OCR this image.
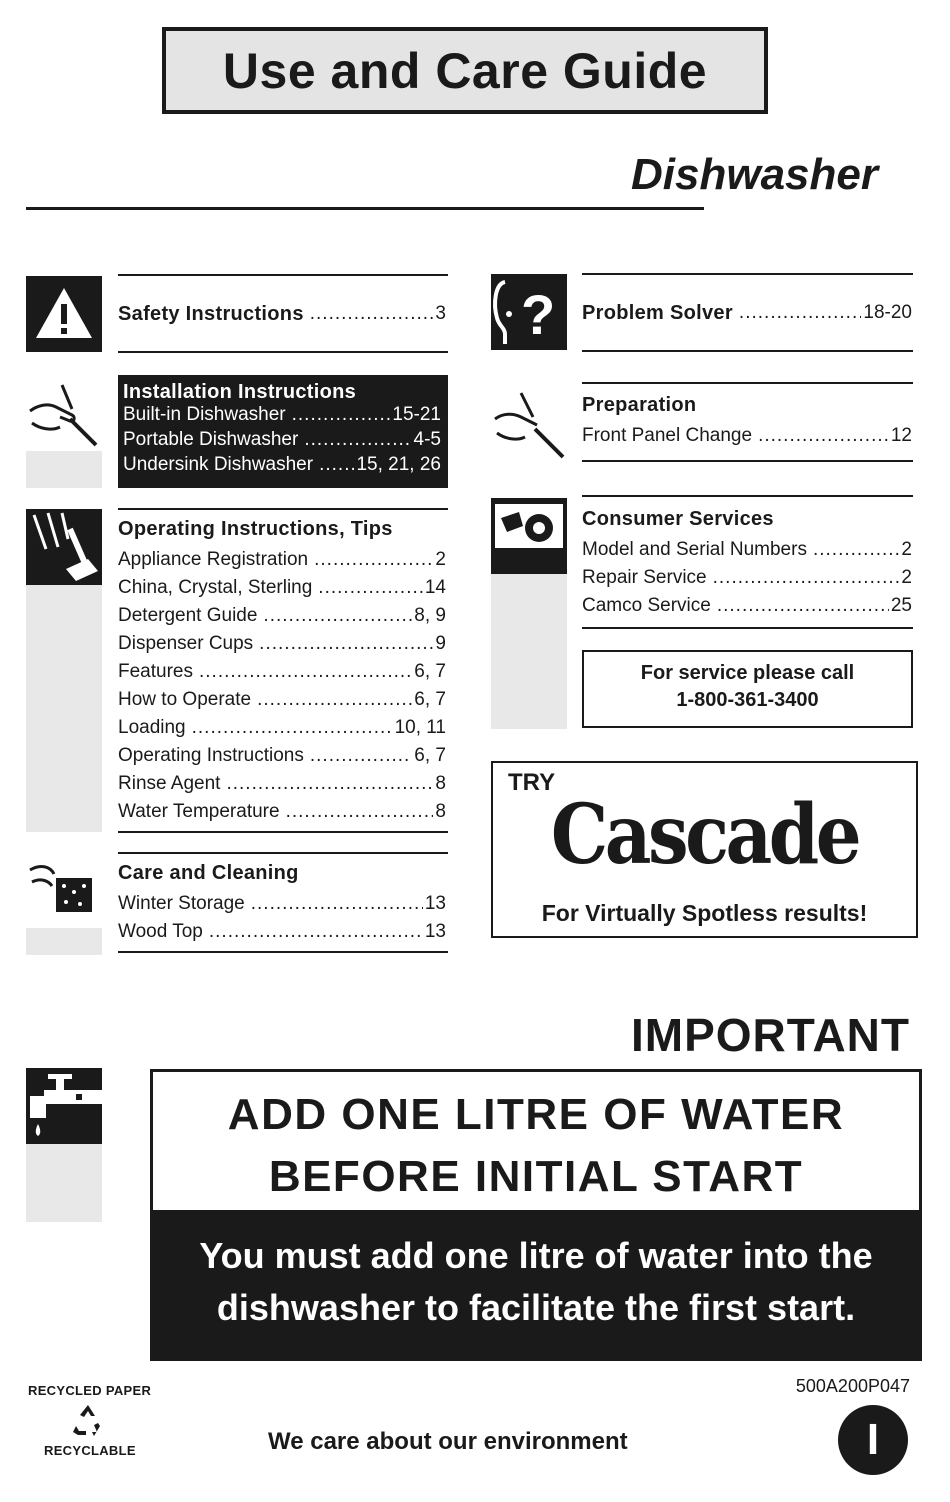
Use and Care Guide
Dishwasher
Safety Instructions .....	3
Installation Instructions
Built-in Dishwasher .....	15-21
Portable Dishwasher .....	4-5
Undersink Dishwasher ..... 15, 21, 26
Operating Instructions, Tips
Appliance Registration .....	2
China, Crystal, Sterling .....	14
Detergent Guide .....	8, 9
Dispenser Cups .....	9
Features .....	6, 7
How to Operate .....	6, 7
Loading .....	10, 11
Operating Instructions .....	6, 7
Rinse Agent .....	8
Water Temperature .....	8
Care and Cleaning
Winter Storage .....	13
Wood Top .....	13
? Problem Solver .....	18-20
Preparation
Front Panel Change .....	12
Consumer Services
Model and Serial Numbers .....	2
Repair Service .....	2
Camco Service .....	25
For service please call
1-800-361-3400
TRY
Cascade
For Virtually Spotless results!
IMPORTANT
ADD ONE LITRE OF WATER
BEFORE INITIAL START
You must add one litre of water into the
dishwasher to facilitate the first start.
RECYCLED PAPER
RECYCLABLE
500A200P047
We care about our environment	I
